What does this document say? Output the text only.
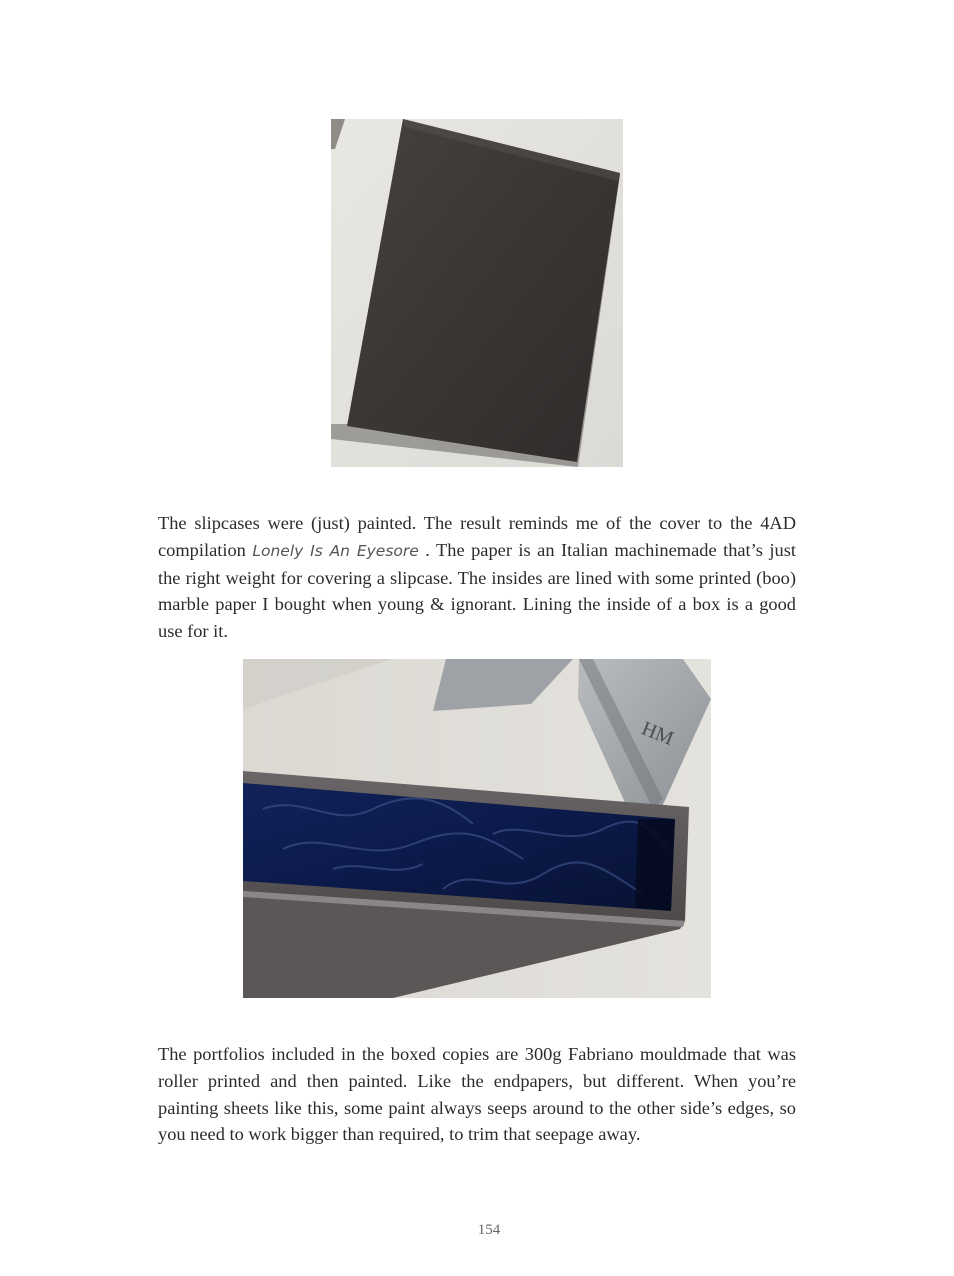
The slipcases were (just) painted. The result reminds me of the cover to the 4AD compilation Lonely Is An Eyesore . The paper is an Italian machinemade that’s just the right weight for covering a slipcase. The insides are lined with some printed (boo) marble paper I bought when young & ignorant. Lining the inside of a box is a good use for it.

HM

The portfolios included in the boxed copies are 300g Fabriano mouldmade that was roller printed and then painted. Like the endpapers, but different. When you’re painting sheets like this, some paint always seeps around to the other side’s edges, so you need to work bigger than required, to trim that seepage away.

154
